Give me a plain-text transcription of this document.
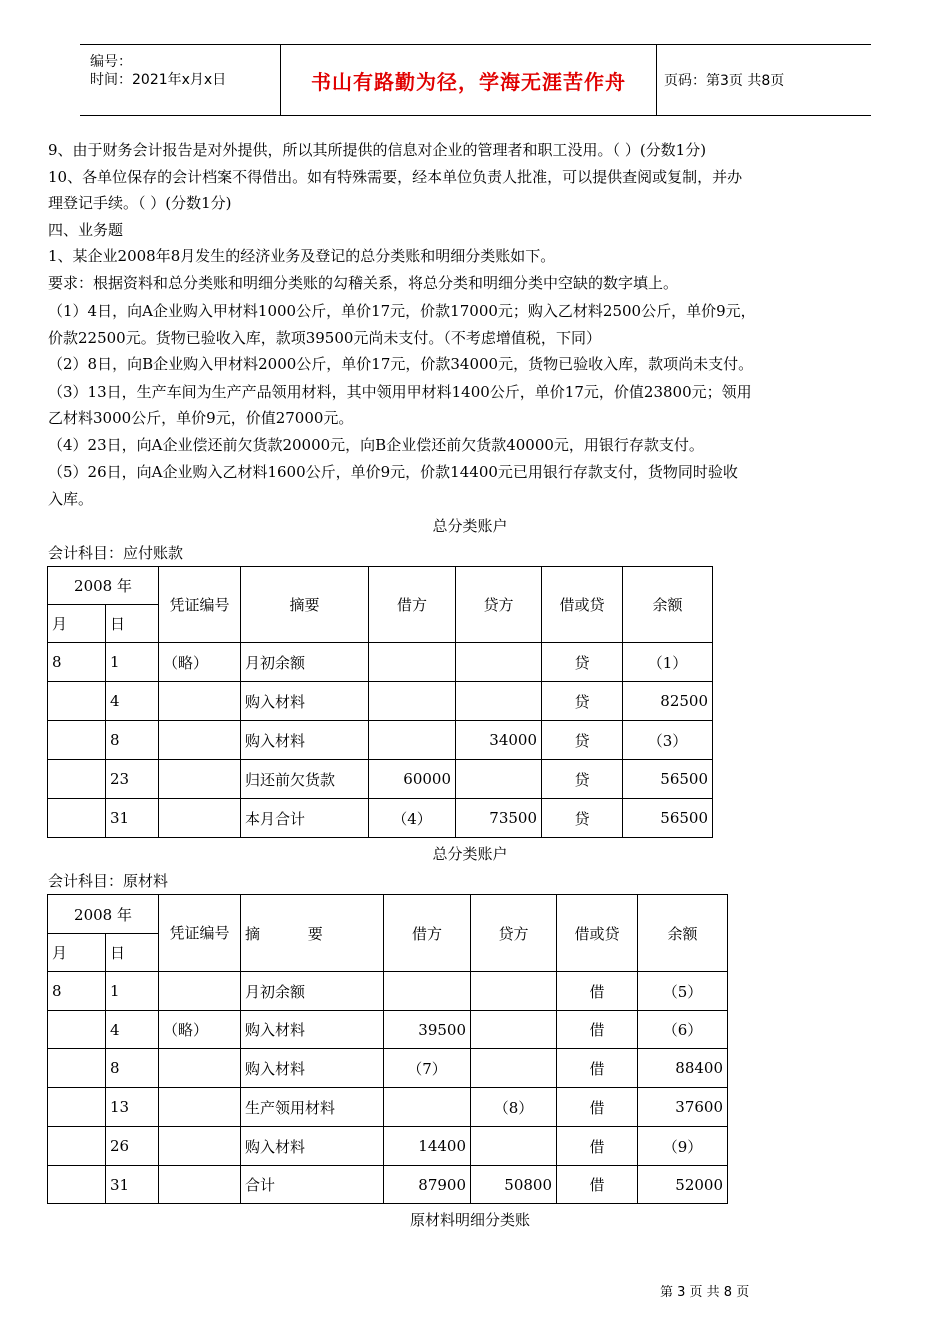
编号：
时间：2021年x月x日	书山有路勤为径，学海无涯苦作舟	页码：第3页 共8页
9、由于财务会计报告是对外提供，所以其所提供的信息对企业的管理者和职工没用。（ ）(分数1分)
10、各单位保存的会计档案不得借出。如有特殊需要，经本单位负责人批准，可以提供查阅或复制，并办
理登记手续。（ ）(分数1分)
四、业务题
1、某企业2008年8月发生的经济业务及登记的总分类账和明细分类账如下。
要求：根据资料和总分类账和明细分类账的勾稽关系，将总分类和明细分类中空缺的数字填上。
（1）4日，向A企业购入甲材料1000公斤，单价17元，价款17000元；购入乙材料2500公斤，单价9元，
价款22500元。货物已验收入库，款项39500元尚未支付。（不考虑增值税，下同）
（2）8日，向B企业购入甲材料2000公斤，单价17元，价款34000元，货物已验收入库，款项尚未支付。
（3）13日，生产车间为生产产品领用材料，其中领用甲材料1400公斤，单价17元，价值23800元；领用
乙材料3000公斤，单价9元，价值27000元。
（4）23日，向A企业偿还前欠货款20000元，向B企业偿还前欠货款40000元，用银行存款支付。
（5）26日，向A企业购入乙材料1600公斤，单价9元，价款14400元已用银行存款支付，货物同时验收
入库。
总分类账户
会计科目：应付账款
2008 年		凭证编号	摘要	借方	贷方	借或贷	余额
月	日						
8	1	（略）	月初余额			贷	（1）
	4		购入材料			贷	82500
	8		购入材料		34000	贷	（3）
	23		归还前欠货款	60000		贷	56500
	31		本月合计	（4）	73500	贷	56500
总分类账户
会计科目：原材料
2008 年		凭证编号	摘          要	借方	贷方	借或贷	余额
月	日						
8	1		月初余额			借	（5）
	4	（略）	购入材料	39500		借	（6）
	8		购入材料	（7）		借	88400
	13		生产领用材料		（8）	借	37600
	26		购入材料	14400		借	（9）
	31		合计	87900	50800	借	52000
原材料明细分类账
第 3 页 共 8 页
